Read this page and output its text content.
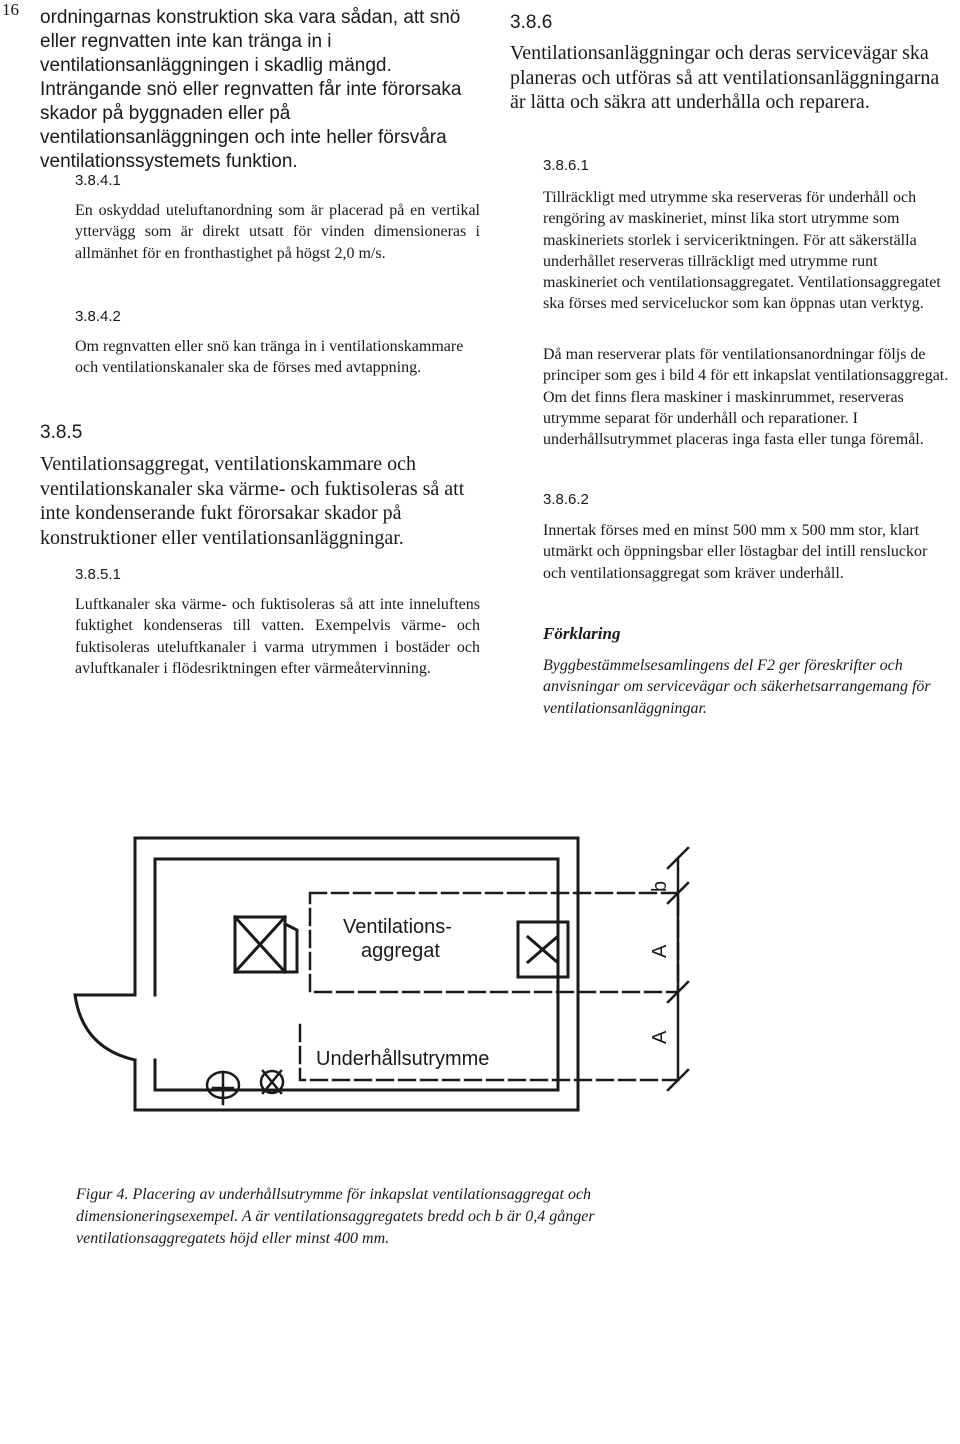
16 ordningarnas konstruktion ska vara sådan, att snö eller regnvatten inte kan tränga in i ventilationsanläggningen i skadlig mängd. Inträngande snö eller regnvatten får inte förorsaka skador på byggnaden eller på ventilationsanläggningen och inte heller försvåra ventilationssystemets funktion.
3.8.4.1
En oskyddad uteluftanordning som är placerad på en vertikal yttervägg som är direkt utsatt för vinden dimensioneras i allmänhet för en fronthastighet på högst 2,0 m/s.
3.8.4.2
Om regnvatten eller snö kan tränga in i ventilationskammare och ventilationskanaler ska de förses med avtappning.
3.8.5
Ventilationsaggregat, ventilationskammare och ventilationskanaler ska värme- och fuktisoleras så att inte kondenserande fukt förorsakar skador på konstruktioner eller ventilationsanläggningar.
3.8.5.1
Luftkanaler ska värme- och fuktisoleras så att inte inneluftens fuktighet kondenseras till vatten. Exempelvis värme- och fuktisoleras uteluftkanaler i varma utrymmen i bostäder och avluftkanaler i flödesriktningen efter värmeåtervinning.
3.8.6
Ventilationsanläggningar och deras servicevägar ska planeras och utföras så att ventilationsanläggningarna är lätta och säkra att underhålla och reparera.
3.8.6.1
Tillräckligt med utrymme ska reserveras för underhåll och rengöring av maskineriet, minst lika stort utrymme som maskineriets storlek i serviceriktningen. För att säkerställa underhållet reserveras tillräckligt med utrymme runt maskineriet och ventilationsaggregatet. Ventilationsaggregatet ska förses med serviceluckor som kan öppnas utan verktyg.
Då man reserverar plats för ventilationsanordningar följs de principer som ges i bild 4 för ett inkapslat ventilationsaggregat. Om det finns flera maskiner i maskinrummet, reserveras utrymme separat för underhåll och reparationer. I underhållsutrymmet placeras inga fasta eller tunga föremål.
3.8.6.2
Innertak förses med en minst 500 mm x 500 mm stor, klart utmärkt och öppningsbar eller löstagbar del intill rensluckor och ventilationsaggregat som kräver underhåll.
Förklaring
Byggbestämmelsesamlingens del F2 ger föreskrifter och anvisningar om servicevägar och säkerhetsarrangemang för ventilationsanläggningar.
Ventilations-
aggregat
Underhållsutrymme
b
A
A
Figur 4. Placering av underhållsutrymme för inkapslat ventilationsaggregat och dimensioneringsexempel. A är ventilationsaggregatets bredd och b är 0,4 gånger ventilationsaggregatets höjd eller minst 400 mm.
